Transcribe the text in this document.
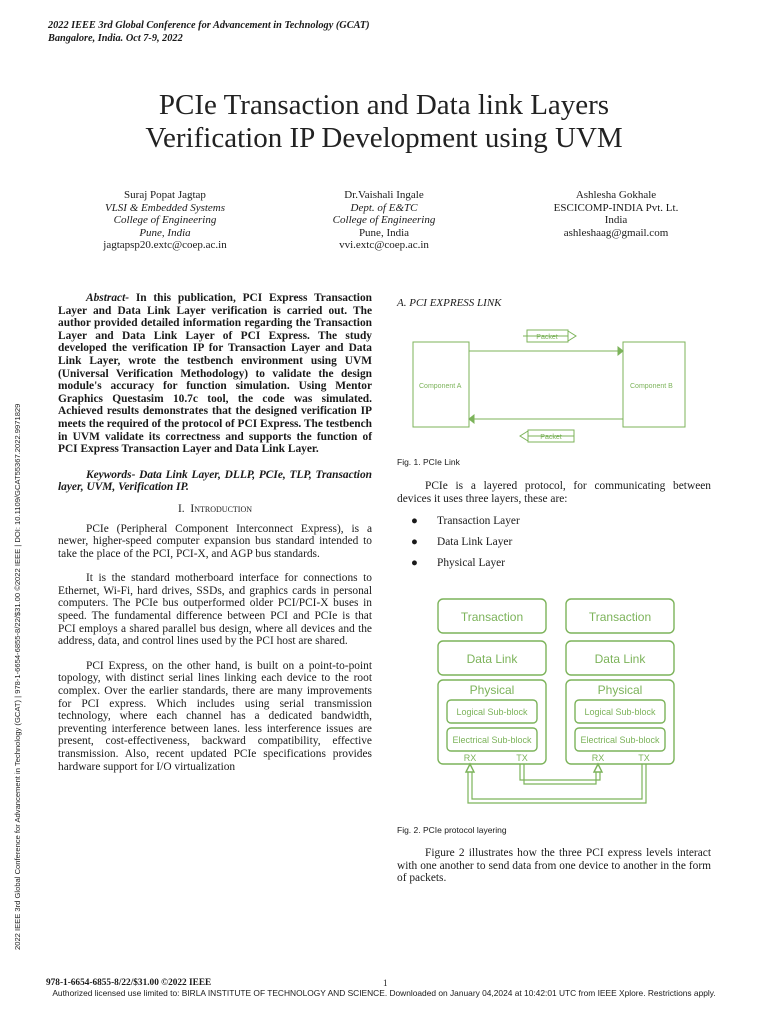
2022 IEEE 3rd Global Conference for Advancement in Technology (GCAT)
Bangalore, India. Oct 7-9, 2022
PCIe Transaction and Data link Layers
Verification IP Development using UVM
Suraj Popat Jagtap
VLSI & Embedded Systems
College of Engineering
Pune, India
jagtapsp20.extc@coep.ac.in
Dr.Vaishali Ingale
Dept. of E&TC
College of Engineering
Pune, India
vvi.extc@coep.ac.in
Ashlesha Gokhale
ESCICOMP-INDIA Pvt. Lt.
India
ashleshaag@gmail.com
2022 IEEE 3rd Global Conference for Advancement in Technology (GCAT) | 978-1-6654-6855-8/22/$31.00 ©2022 IEEE | DOI: 10.1109/GCAT55367.2022.9971829

Abstract- In this publication, PCI Express Transaction Layer and Data Link Layer verification is carried out. The author provided detailed information regarding the Transaction Layer and Data Link Layer of PCI Express. The study developed the verification IP for Transaction Layer and Data Link Layer, wrote the testbench environment using UVM (Universal Verification Methodology) to validate the design module's accuracy for function simulation. Using Mentor Graphics Questasim 10.7c tool, the code was simulated. Achieved results demonstrates that the designed verification IP meets the required of the protocol of PCI Express. The testbench in UVM validate its correctness and supports the function of PCI Express Transaction Layer and Data Link Layer.

Keywords- Data Link Layer, DLLP, PCIe, TLP, Transaction layer, UVM, Verification IP.

I. Introduction

PCIe (Peripheral Component Interconnect Express), is a newer, higher-speed computer expansion bus standard intended to take the place of the PCI, PCI-X, and AGP bus standards.

It is the standard motherboard interface for connections to Ethernet, Wi-Fi, hard drives, SSDs, and graphics cards in personal computers. The PCIe bus outperformed older PCI/PCI-X buses in speed. The fundamental difference between PCI and PCIe is that PCI employs a shared parallel bus design, where all devices and the address, data, and control lines used by the PCI host are shared.

PCI Express, on the other hand, is built on a point-to-point topology, with distinct serial lines linking each device to the root complex. Over the earlier standards, there are many improvements for PCI express. Which includes using serial transmission technology, where each channel has a dedicated bandwidth, preventing interference between lanes. less interference issues are present, cost-effectiveness, backward compatibility, effective transmission. Also, recent updated PCIe specifications provides hardware support for I/O virtualization

A. PCI EXPRESS LINK
Packet
Packet
Component A	Component B
Fig. 1. PCIe Link

PCIe is a layered protocol, for communicating between devices it uses three layers, these are:

● Transaction Layer
● Data Link Layer
● Physical Layer
Transaction
Data Link
Physical
Logical Sub-block
Electrical Sub-block
RX	TX
Transaction
Data Link
Physical
Logical Sub-block
Electrical Sub-block
RX	TX
Fig. 2. PCIe protocol layering

Figure 2 illustrates how the three PCI express levels interact with one another to send data from one device to another in the form of packets.

978-1-6654-6855-8/22/$31.00 ©2022 IEEE	1
Authorized licensed use limited to: BIRLA INSTITUTE OF TECHNOLOGY AND SCIENCE. Downloaded on January 04,2024 at 10:42:01 UTC from IEEE Xplore. Restrictions apply.
